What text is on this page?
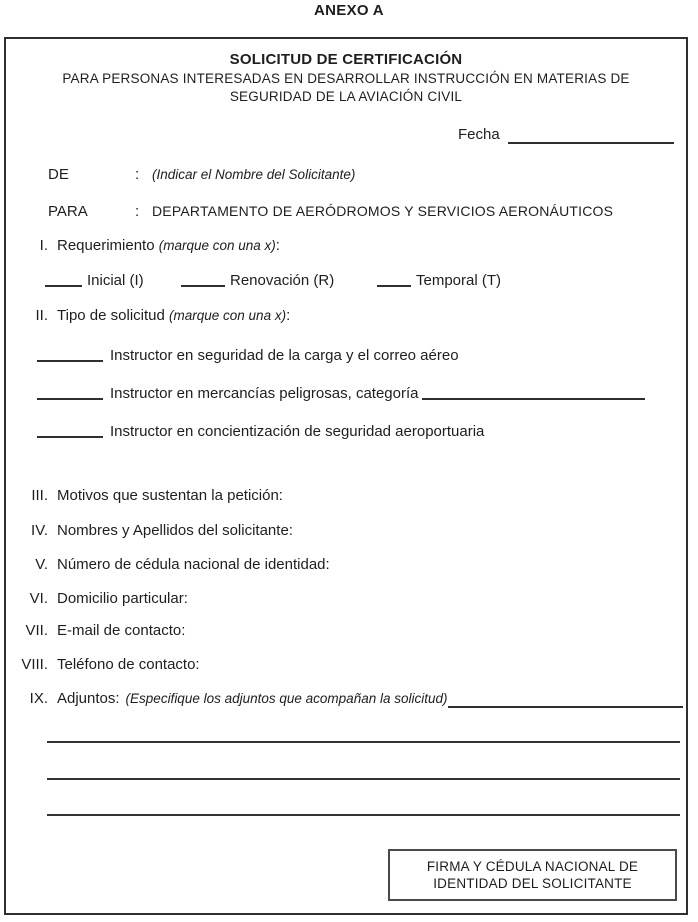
ANEXO A
SOLICITUD DE CERTIFICACIÓN
PARA PERSONAS INTERESADAS EN DESARROLLAR INSTRUCCIÓN EN MATERIAS DE
SEGURIDAD DE LA AVIACIÓN CIVIL
Fecha
DE	: (Indicar el Nombre del Solicitante)
PARA	: DEPARTAMENTO DE AERÓDROMOS Y SERVICIOS AERONÁUTICOS
I. Requerimiento (marque con una x):
Inicial (I)	Renovación (R)	Temporal (T)
II. Tipo de solicitud (marque con una x):
Instructor en seguridad de la carga y el correo aéreo
Instructor en mercancías peligrosas, categoría
Instructor en concientización de seguridad aeroportuaria
III. Motivos que sustentan la petición:
IV. Nombres y Apellidos del solicitante:
V. Número de cédula nacional de identidad:
VI. Domicilio particular:
VII. E-mail de contacto:
VIII. Teléfono de contacto:
IX. Adjuntos: (Especifique los adjuntos que acompañan la solicitud)
FIRMA Y CÉDULA NACIONAL DE
IDENTIDAD DEL SOLICITANTE
